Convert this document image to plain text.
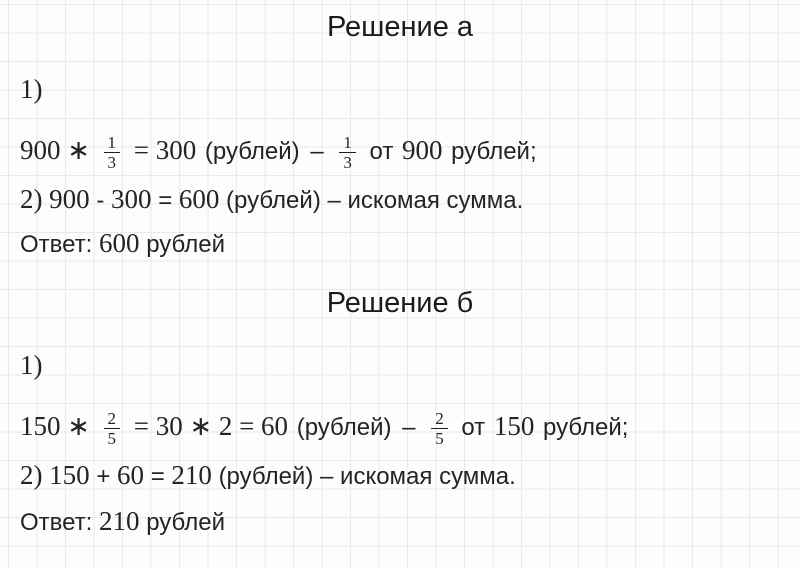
Решение а
1)
900 ∗ $\frac{1}{3} = 300$ (рублей) – $\frac{1}{3}$ от 900 рублей;
2) 900 - 300 = 600 (рублей) – искомая сумма.
Ответ: 600 рублей
Решение б
1)
150 ∗ $\frac{2}{5} = 30$ ∗ 2 = 60 (рублей) – $\frac{2}{5}$ от 150 рублей;
2) 150 + 60 = 210 (рублей) – искомая сумма.
Ответ: 210 рублей
